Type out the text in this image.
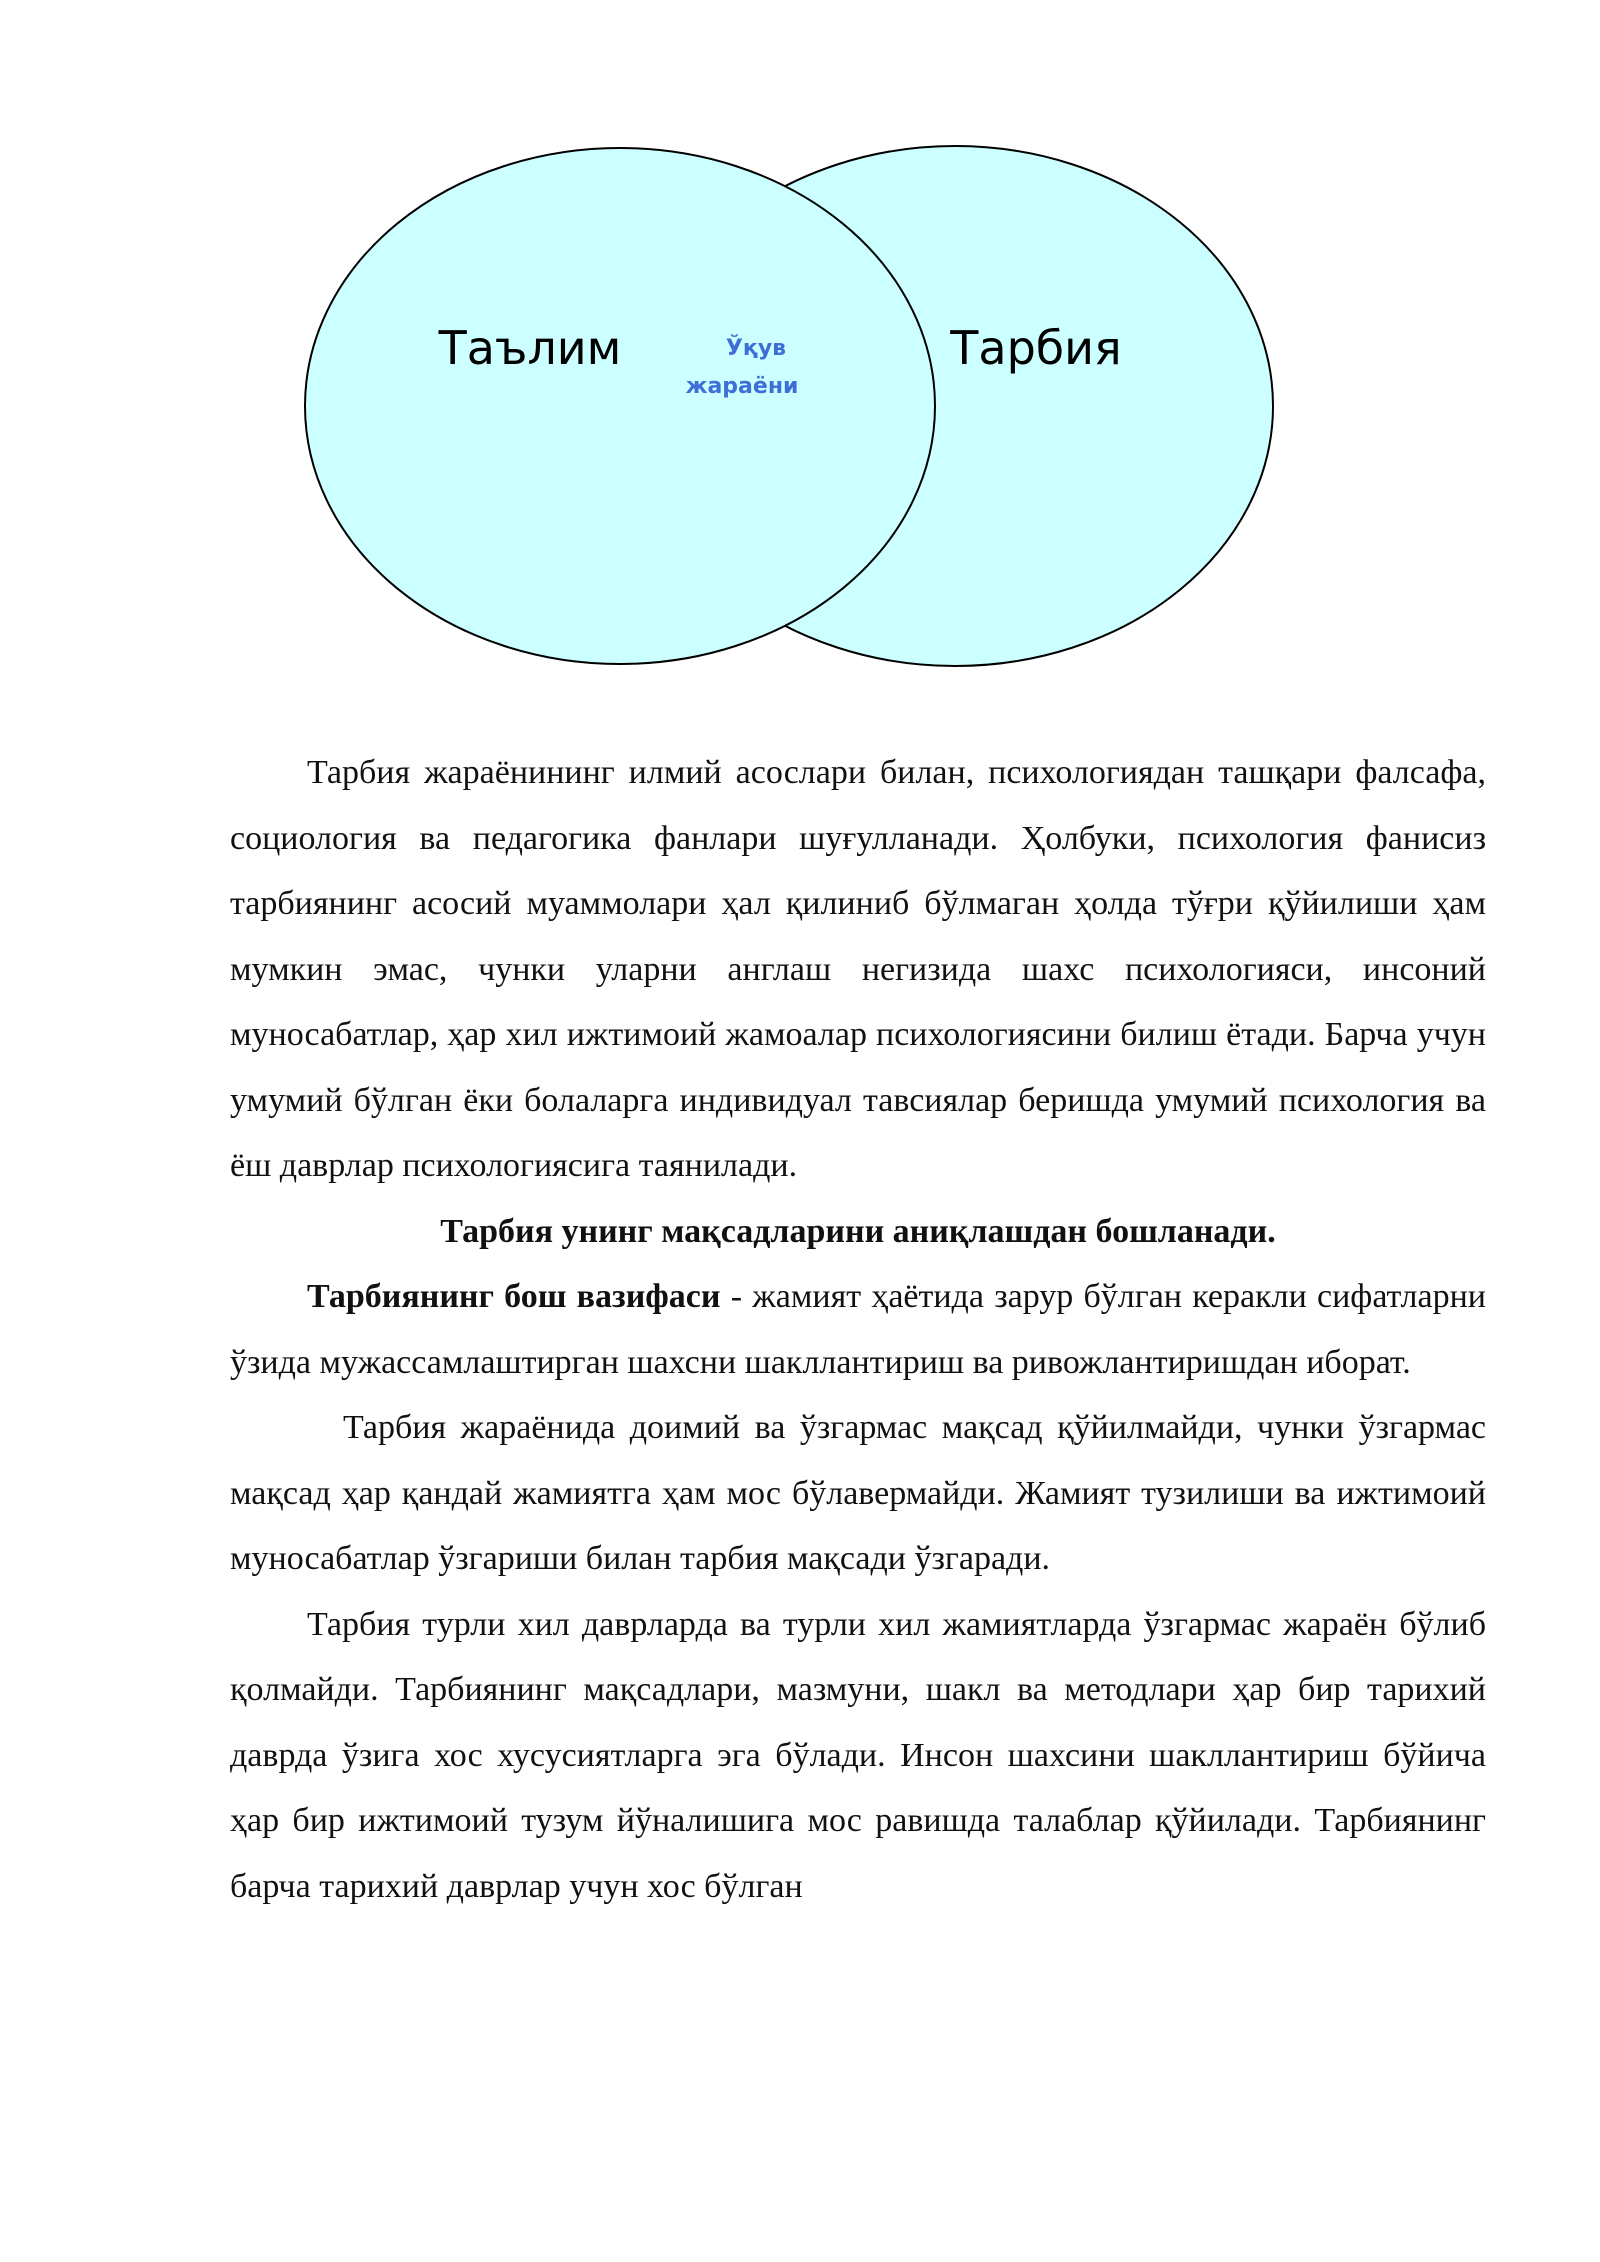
Таълим	Тарбия
Ўқув
жараёни

Тарбия жараёнининг илмий асослари билан, психологиядан ташқари фалсафа, социология ва педагогика фанлари шуғулланади. Ҳолбуки, психология фанисиз тарбиянинг асосий муаммолари ҳал қилиниб бўлмаган ҳолда тўғри қўйилиши ҳам мумкин эмас, чунки уларни англаш негизида шахс психологияси, инсоний муносабатлар, ҳар хил ижтимоий жамоалар психологиясини билиш ётади. Барча учун умумий бўлган ёки болаларга индивидуал тавсиялар беришда умумий психология ва ёш даврлар психологиясига таянилади.

Тарбия унинг мақсадларини аниқлашдан бошланади.

Тарбиянинг бош вазифаси - жамият ҳаётида зарур бўлган керакли сифатларни ўзида мужассамлаштирган шахсни шакллантириш ва ривожлантиришдан иборат.

Тарбия жараёнида доимий ва ўзгармас мақсад қўйилмайди, чунки ўзгармас мақсад ҳар қандай жамиятга ҳам мос бўлавермайди. Жамият тузилиши ва ижтимоий муносабатлар ўзгариши билан тарбия мақсади ўзгаради.

Тарбия турли хил даврларда ва турли хил жамиятларда ўзгармас жараён бўлиб қолмайди. Тарбиянинг мақсадлари, мазмуни, шакл ва методлари ҳар бир тарихий даврда ўзига хос хусусиятларга эга бўлади. Инсон шахсини шакллантириш бўйича ҳар бир ижтимоий тузум йўналишига мос равишда талаблар қўйилади. Тарбиянинг барча тарихий даврлар учун хос бўлган
